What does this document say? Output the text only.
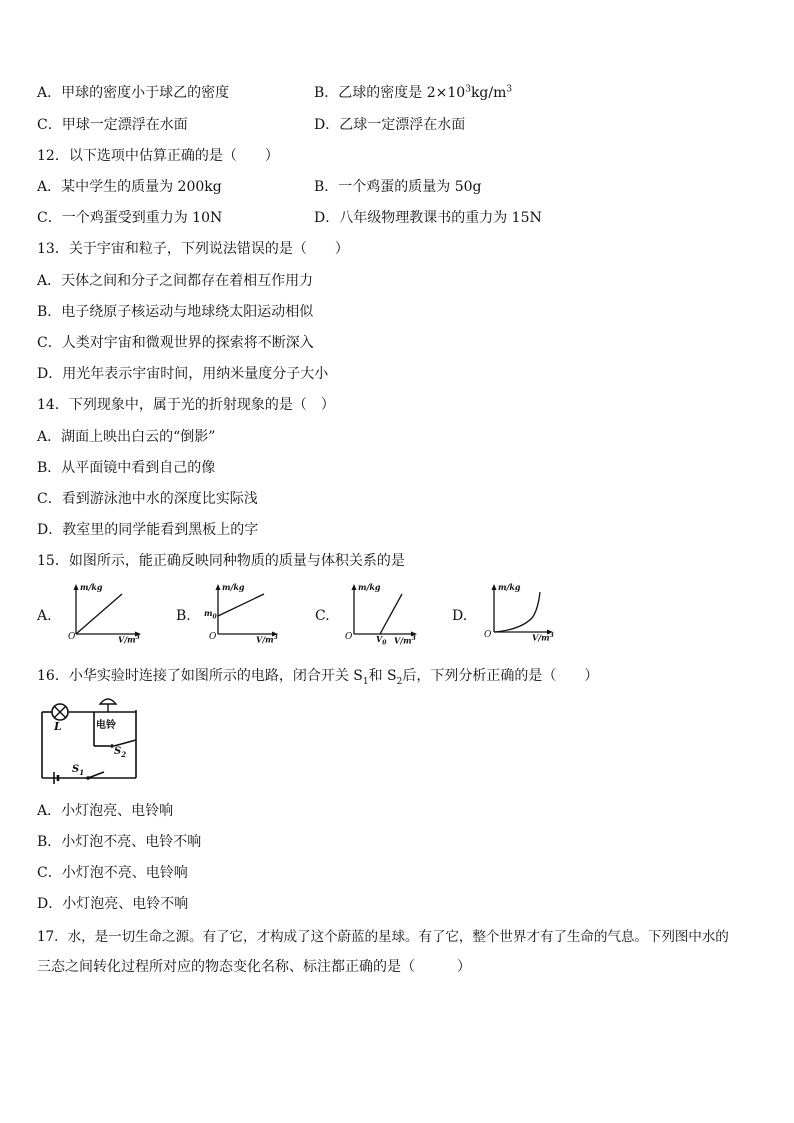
A．甲球的密度小于球乙的密度	B．乙球的密度是 $2\times 10^3kg/m^3$
C．甲球一定漂浮在水面	D．乙球一定漂浮在水面
12．以下选项中估算正确的是（　　）
A．某中学生的质量为 200kg	B．一个鸡蛋的质量为 50g
C．一个鸡蛋受到重力为 10N	D．八年级物理教课书的重力为 15N
13．关于宇宙和粒子，下列说法错误的是（　　）
A．天体之间和分子之间都存在着相互作用力
B．电子绕原子核运动与地球绕太阳运动相似
C．人类对宇宙和微观世界的探索将不断深入
D．用光年表示宇宙时间，用纳米量度分子大小
14．下列现象中，属于光的折射现象的是（　）
A．湖面上映出白云的“倒影”
B．从平面镜中看到自己的像
C．看到游泳池中水的深度比实际浅
D．教室里的同学能看到黑板上的字
15．如图所示，能正确反映同种物质的质量与体积关系的是
A.
m/kg
$V/m^3$
O
B.
m/kg
$m_0$
$V/m^3$
O
C.
m/kg
$V_0$ $V/m^3$
O
D.
m/kg
$V/m^3$
O
16．小华实验时连接了如图所示的电路，闭合开关 $S_1$和 $S_2$后，下列分析正确的是（　　）
L	电铃
$S_2$
$S_1$
A．小灯泡亮、电铃响
B．小灯泡不亮、电铃不响
C．小灯泡不亮、电铃响
D．小灯泡亮、电铃不响
17．水，是一切生命之源。有了它，才构成了这个蔚蓝的星球。有了它，整个世界才有了生命的气息。下列图中水的
三态之间转化过程所对应的物态变化名称、标注都正确的是（　　　）
